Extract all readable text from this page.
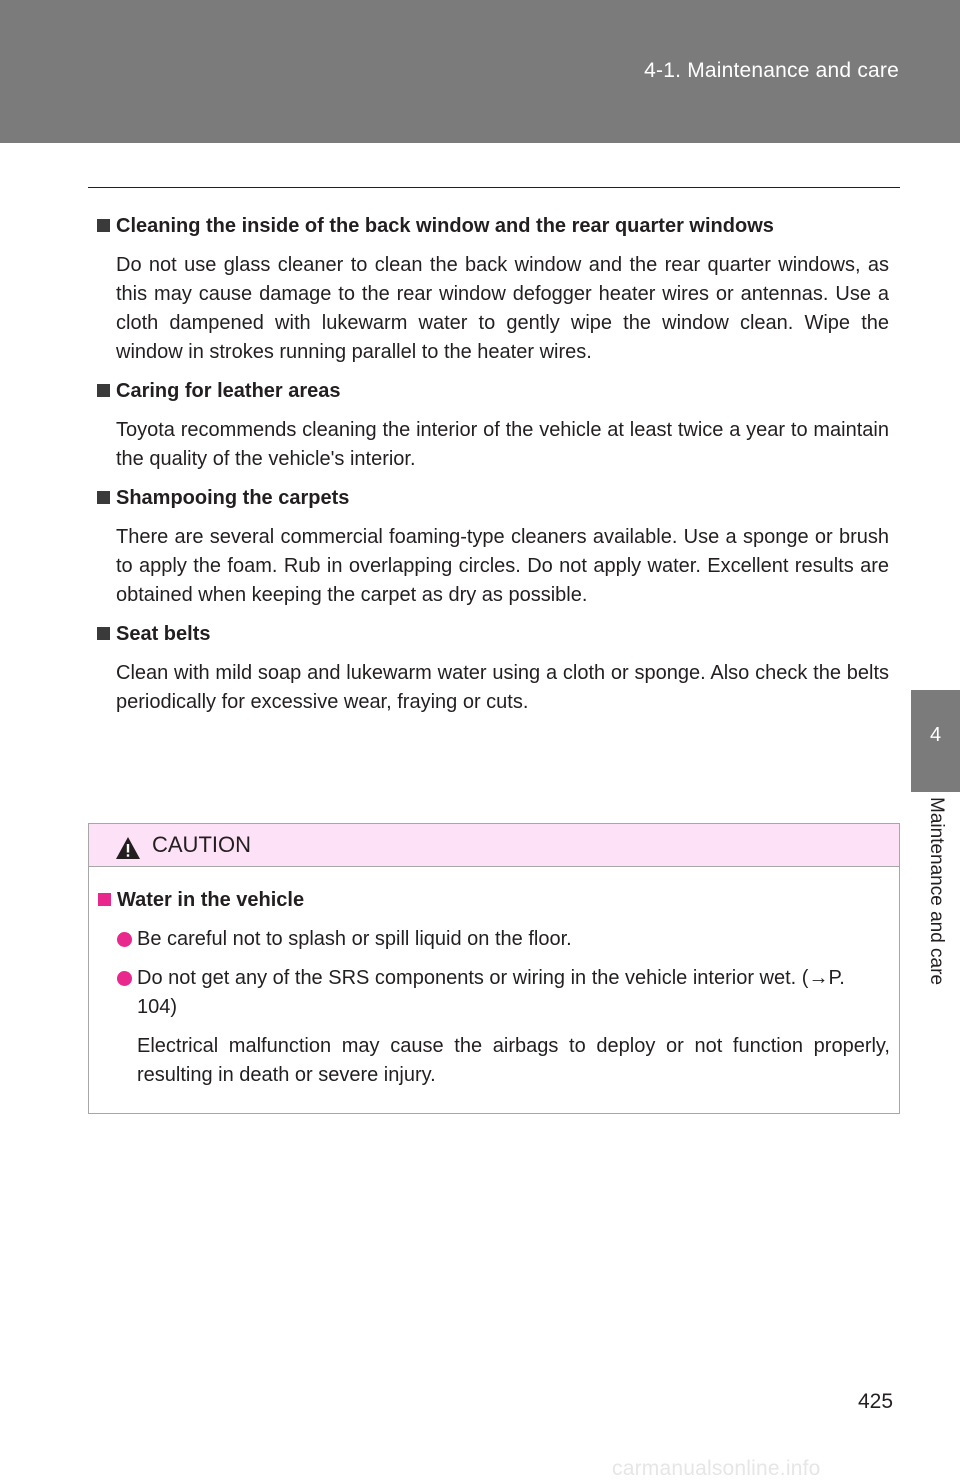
4-1. Maintenance and care
4
Maintenance and care
Cleaning the inside of the back window and the rear quarter windows
Do not use glass cleaner to clean the back window and the rear quarter windows, as this may cause damage to the rear window defogger heater wires or antennas. Use a cloth dampened with lukewarm water to gently wipe the window clean. Wipe the window in strokes running parallel to the heater wires.
Caring for leather areas
Toyota recommends cleaning the interior of the vehicle at least twice a year to maintain the quality of the vehicle's interior.
Shampooing the carpets
There are several commercial foaming-type cleaners available. Use a sponge or brush to apply the foam. Rub in overlapping circles. Do not apply water. Excellent results are obtained when keeping the carpet as dry as possible.
Seat belts
Clean with mild soap and lukewarm water using a cloth or sponge. Also check the belts periodically for excessive wear, fraying or cuts.
CAUTION
Water in the vehicle
Be careful not to splash or spill liquid on the floor.
Do not get any of the SRS components or wiring in the vehicle interior wet. (→P. 104)
Electrical malfunction may cause the airbags to deploy or not function properly, resulting in death or severe injury.
425
carmanualsonline.info
